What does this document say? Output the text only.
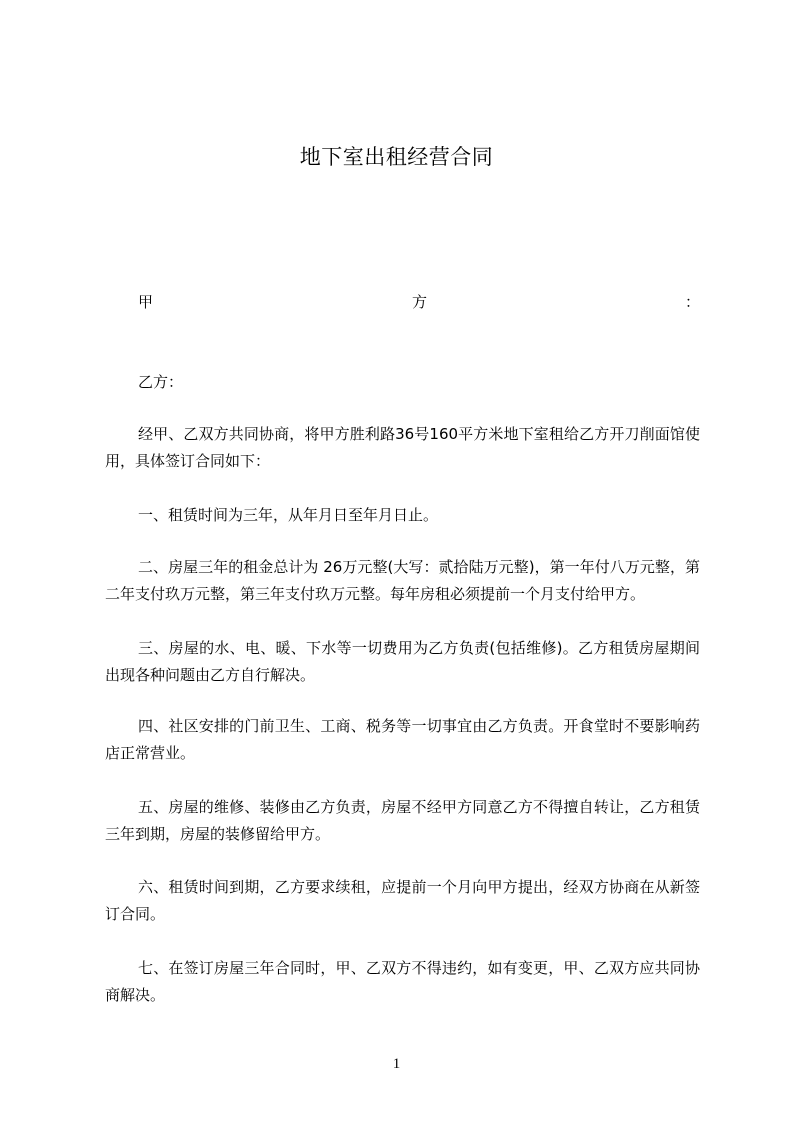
地下室出租经营合同
甲	方	：
乙方：

经甲、乙双方共同协商，将甲方胜利路36号160平方米地下室租给乙方开刀削面馆使用，具体签订合同如下：

一、租赁时间为三年，从年月日至年月日止。

二、房屋三年的租金总计为 26万元整(大写：贰拾陆万元整)，第一年付八万元整，第二年支付玖万元整，第三年支付玖万元整。每年房租必须提前一个月支付给甲方。

三、房屋的水、电、暖、下水等一切费用为乙方负责(包括维修)。乙方租赁房屋期间出现各种问题由乙方自行解决。

四、社区安排的门前卫生、工商、税务等一切事宜由乙方负责。开食堂时不要影响药店正常营业。

五、房屋的维修、装修由乙方负责，房屋不经甲方同意乙方不得擅自转让，乙方租赁三年到期，房屋的装修留给甲方。

六、租赁时间到期，乙方要求续租，应提前一个月向甲方提出，经双方协商在从新签订合同。

七、在签订房屋三年合同时，甲、乙双方不得违约，如有变更，甲、乙双方应共同协商解决。

1
